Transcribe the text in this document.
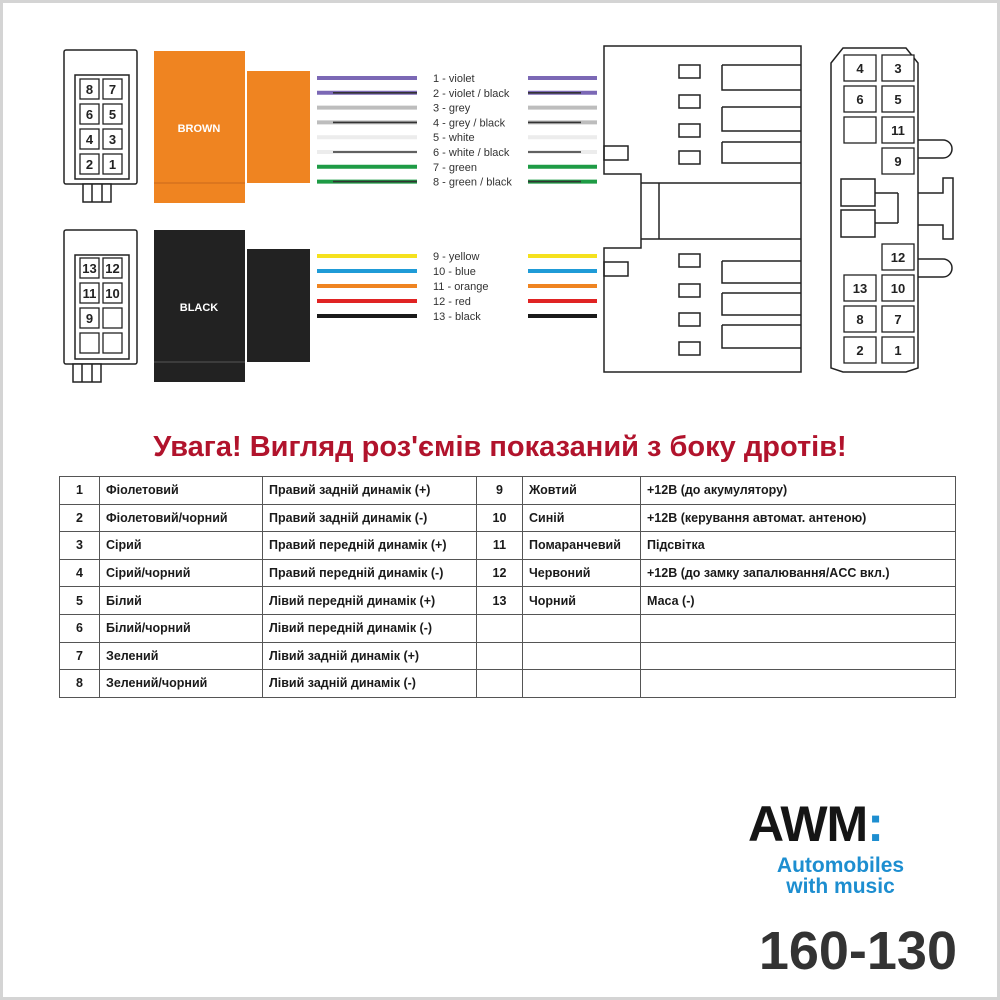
8 7
6 5
4 3
2 1
13 12
11 10
9
BROWN
BLACK
1 - violet
2 - violet / black
3 - grey
4 - grey / black
5 - white
6 - white / black
7 - green
8 - green / black
9 - yellow
10 - blue
11 - orange
12 - red
13 - black
4 3
6 5
11
9
12
13 10
8 7
2 1

Увага! Вигляд роз'ємів показаний з боку дротів!

1	Фіолетовий	Правий задній динамік (+)	9	Жовтий	+12В (до акумулятору)
2	Фіолетовий/чорний	Правий задній динамік (-)	10	Синій	+12В (керування автомат. антеною)
3	Сірий	Правий передній динамік (+)	11	Помаранчевий	Підсвітка
4	Сірий/чорний	Правий передній динамік (-)	12	Червоний	+12В (до замку запалювання/ACC вкл.)
5	Білий	Лівий передній динамік (+)	13	Чорний	Маса (-)
6	Білий/чорний	Лівий передній динамік (-)			
7	Зелений	Лівий задній динамік (+)			
8	Зелений/чорний	Лівий задній динамік (-)			
AWM:
Automobiles
with music
160-130
